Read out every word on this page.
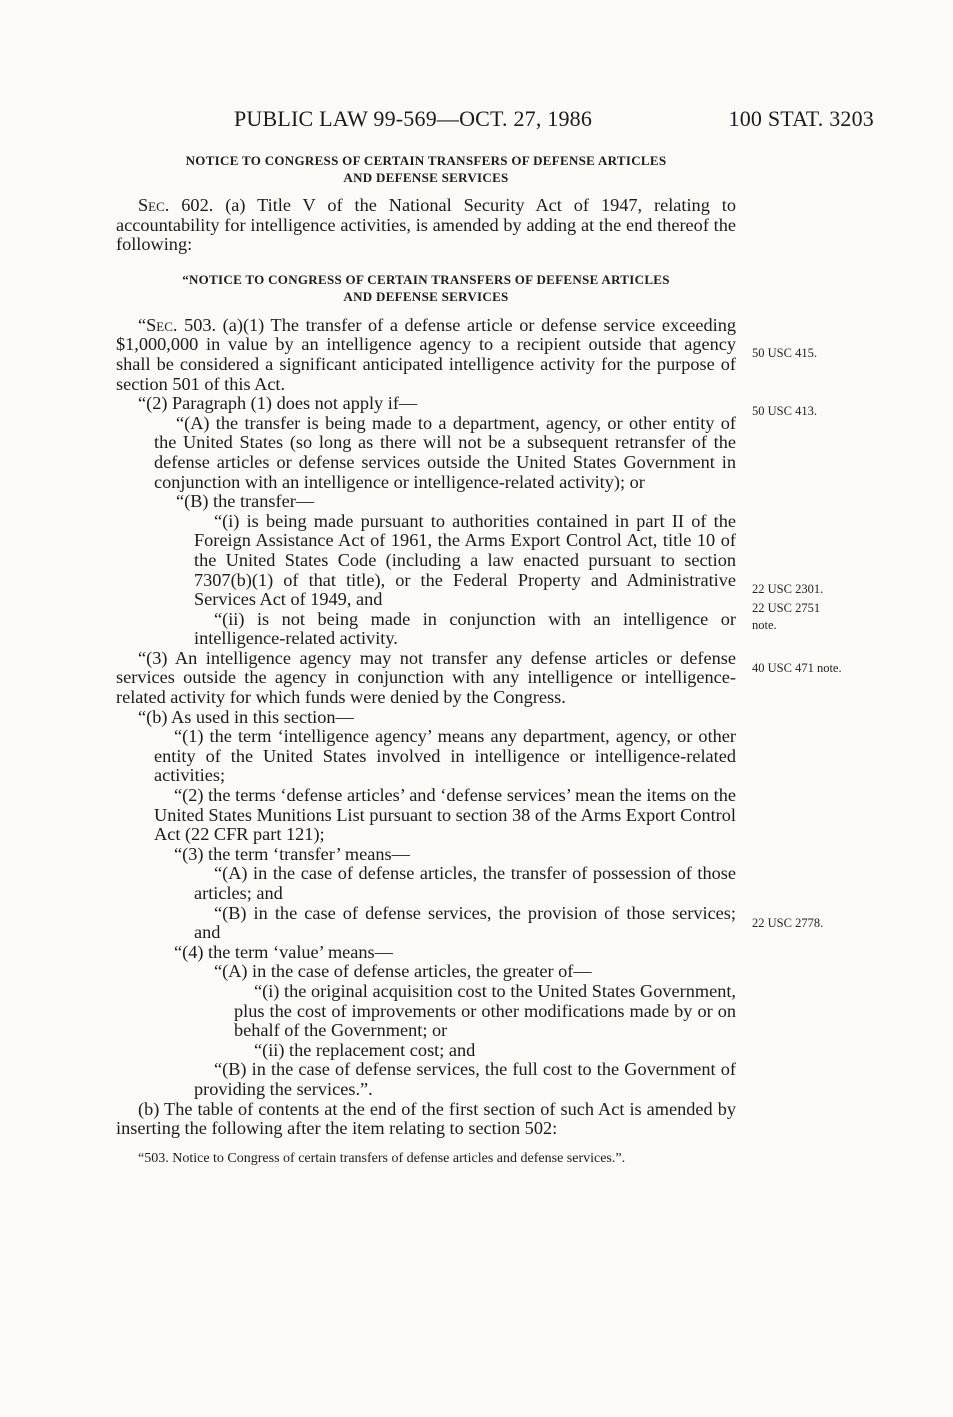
PUBLIC LAW 99-569—OCT. 27, 1986	100 STAT. 3203

NOTICE TO CONGRESS OF CERTAIN TRANSFERS OF DEFENSE ARTICLES
AND DEFENSE SERVICES

Sec. 602. (a) Title V of the National Security Act of 1947, relating to accountability for intelligence activities, is amended by adding at the end thereof the following:

“NOTICE TO CONGRESS OF CERTAIN TRANSFERS OF DEFENSE ARTICLES
AND DEFENSE SERVICES

“Sec. 503. (a)(1) The transfer of a defense article or defense service exceeding $1,000,000 in value by an intelligence agency to a recipient outside that agency shall be considered a significant anticipated intelligence activity for the purpose of section 501 of this Act.

“(2) Paragraph (1) does not apply if—

“(A) the transfer is being made to a department, agency, or other entity of the United States (so long as there will not be a subsequent retransfer of the defense articles or defense services outside the United States Government in conjunction with an intelligence or intelligence-related activity); or

“(B) the transfer—

“(i) is being made pursuant to authorities contained in part II of the Foreign Assistance Act of 1961, the Arms Export Control Act, title 10 of the United States Code (including a law enacted pursuant to section 7307(b)(1) of that title), or the Federal Property and Administrative Services Act of 1949, and

“(ii) is not being made in conjunction with an intelligence or intelligence-related activity.

“(3) An intelligence agency may not transfer any defense articles or defense services outside the agency in conjunction with any intelligence or intelligence-related activity for which funds were denied by the Congress.

“(b) As used in this section—

“(1) the term ‘intelligence agency’ means any department, agency, or other entity of the United States involved in intelligence or intelligence-related activities;

“(2) the terms ‘defense articles’ and ‘defense services’ mean the items on the United States Munitions List pursuant to section 38 of the Arms Export Control Act (22 CFR part 121);

“(3) the term ‘transfer’ means—

“(A) in the case of defense articles, the transfer of possession of those articles; and

“(B) in the case of defense services, the provision of those services; and

“(4) the term ‘value’ means—

“(A) in the case of defense articles, the greater of—

“(i) the original acquisition cost to the United States Government, plus the cost of improvements or other modifications made by or on behalf of the Government; or

“(ii) the replacement cost; and

“(B) in the case of defense services, the full cost to the Government of providing the services.”.

(b) The table of contents at the end of the first section of such Act is amended by inserting the following after the item relating to section 502:

“503. Notice to Congress of certain transfers of defense articles and defense services.”.

50 USC 415.
50 USC 413.
22 USC 2301.
22 USC 2751
note.
40 USC 471 note.
22 USC 2778.
